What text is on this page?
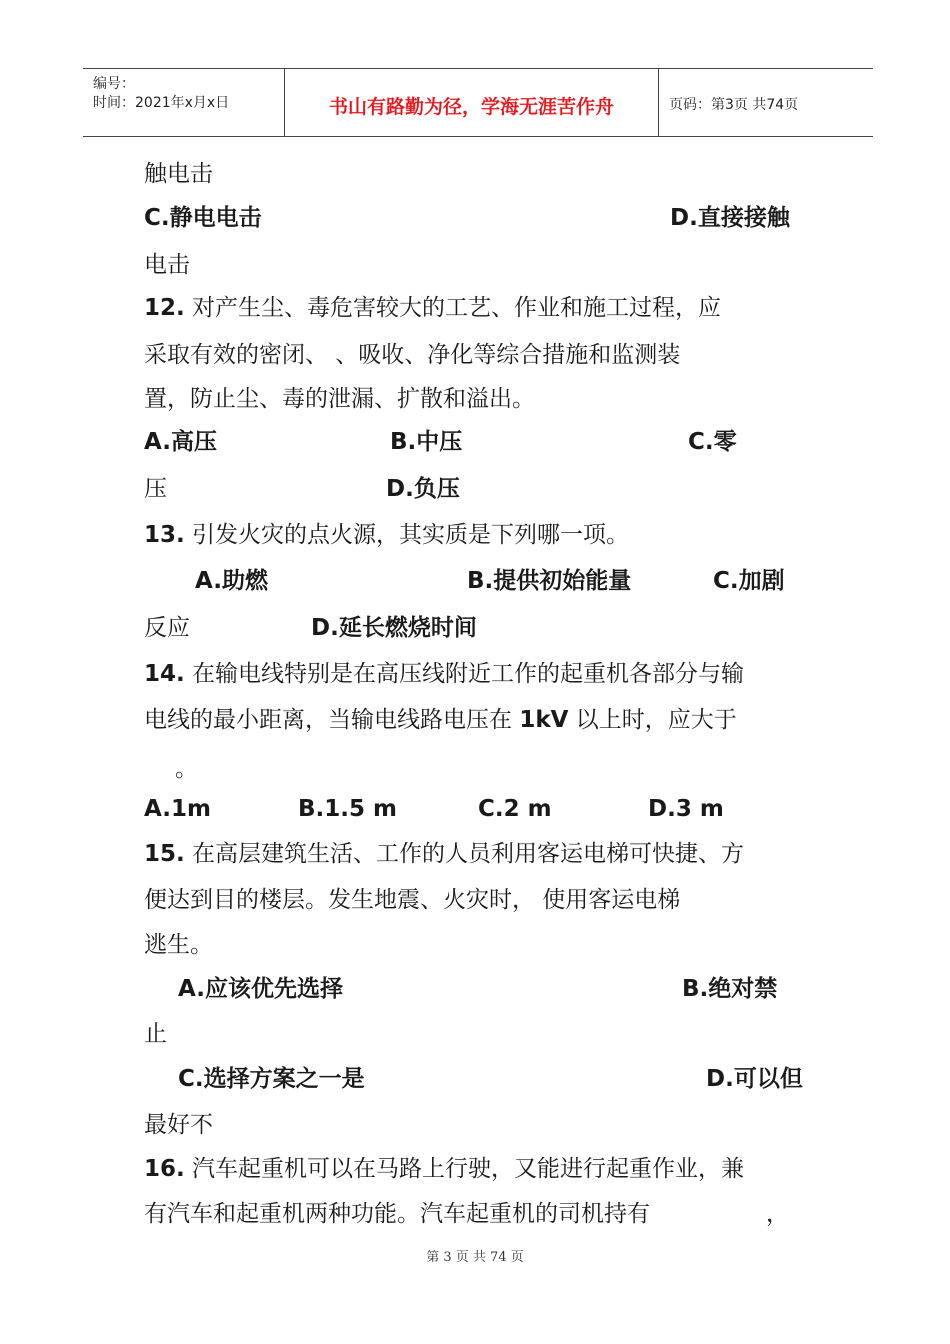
编号：
时间：2021年x月x日	书山有路勤为径，学海无涯苦作舟	页码：第3页 共74页
触电击
C.静电电击	D.直接接触
电击
12. 对产生尘、毒危害较大的工艺、作业和施工过程，应
采取有效的密闭、 、吸收、净化等综合措施和监测装
置，防止尘、毒的泄漏、扩散和溢出。
A.高压	B.中压	C.零
压	D.负压
13. 引发火灾的点火源，其实质是下列哪一项。
A.助燃	B.提供初始能量	C.加剧
反应	D.延长燃烧时间
14. 在输电线特别是在高压线附近工作的起重机各部分与输
电线的最小距离，当输电线路电压在 1kV 以上时，应大于
。
A.1m	B.1.5 m	C.2 m	D.3 m
15. 在高层建筑生活、工作的人员利用客运电梯可快捷、方
便达到目的楼层。发生地震、火灾时， 使用客运电梯
逃生。
A.应该优先选择	B.绝对禁
止
C.选择方案之一是	D.可以但
最好不
16. 汽车起重机可以在马路上行驶，又能进行起重作业，兼
有汽车和起重机两种功能。汽车起重机的司机持有	，
第 3 页 共 74 页
